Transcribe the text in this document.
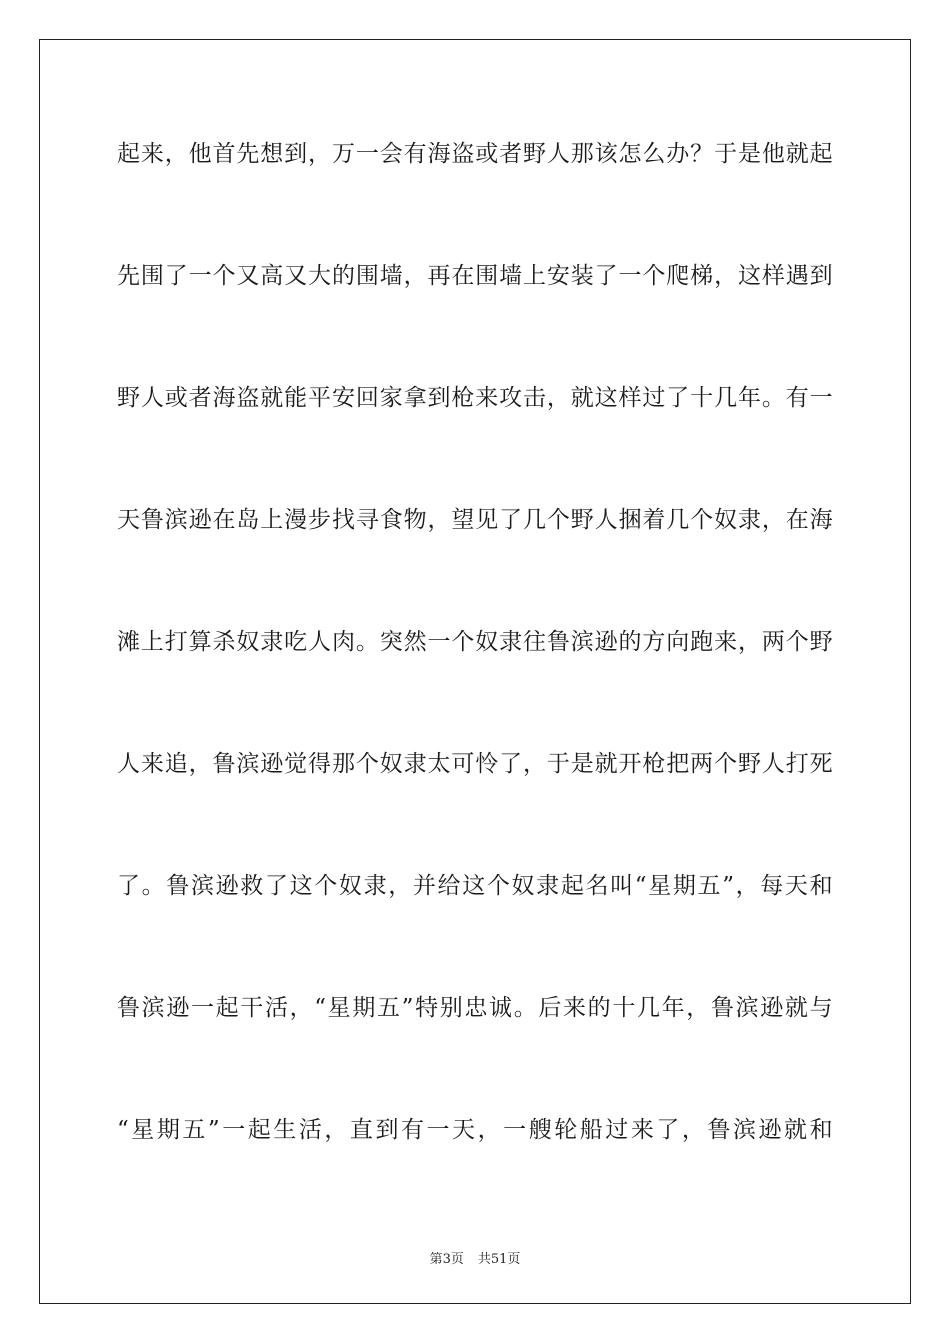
起来，他首先想到，万一会有海盗或者野人那该怎么办？于是他就起
先围了一个又高又大的围墙，再在围墙上安装了一个爬梯，这样遇到
野人或者海盗就能平安回家拿到枪来攻击，就这样过了十几年。有一
天鲁滨逊在岛上漫步找寻食物，望见了几个野人捆着几个奴隶，在海
滩上打算杀奴隶吃人肉。突然一个奴隶往鲁滨逊的方向跑来，两个野
人来追，鲁滨逊觉得那个奴隶太可怜了，于是就开枪把两个野人打死
了。鲁滨逊救了这个奴隶，并给这个奴隶起名叫“星期五”，每天和
鲁滨逊一起干活，“星期五”特别忠诚。后来的十几年，鲁滨逊就与
“星期五”一起生活，直到有一天，一艘轮船过来了，鲁滨逊就和
第3页 共51页
